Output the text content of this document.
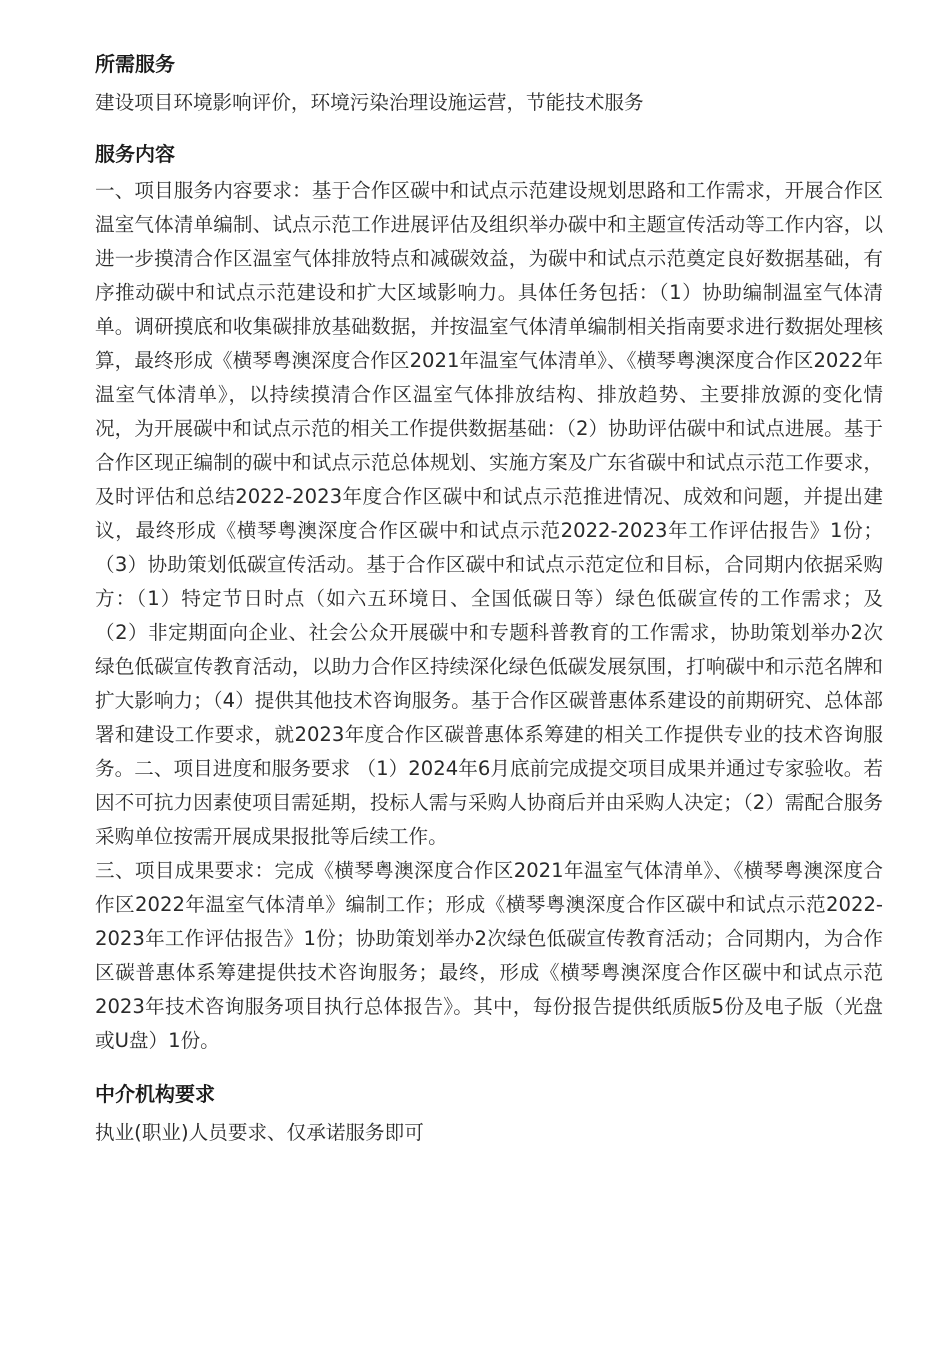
所需服务

建设项目环境影响评价，环境污染治理设施运营，节能技术服务

服务内容

一、项目服务内容要求：基于合作区碳中和试点示范建设规划思路和工作需求，开展合作区温室气体清单编制、试点示范工作进展评估及组织举办碳中和主题宣传活动等工作内容，以进一步摸清合作区温室气体排放特点和减碳效益，为碳中和试点示范奠定良好数据基础，有序推动碳中和试点示范建设和扩大区域影响力。具体任务包括：（1）协助编制温室气体清单。调研摸底和收集碳排放基础数据，并按温室气体清单编制相关指南要求进行数据处理核算，最终形成《横琴粤澳深度合作区2021年温室气体清单》、《横琴粤澳深度合作区2022年温室气体清单》，以持续摸清合作区温室气体排放结构、排放趋势、主要排放源的变化情况，为开展碳中和试点示范的相关工作提供数据基础：（2）协助评估碳中和试点进展。基于合作区现正编制的碳中和试点示范总体规划、实施方案及广东省碳中和试点示范工作要求，及时评估和总结2022-2023年度合作区碳中和试点示范推进情况、成效和问题，并提出建议，最终形成《横琴粤澳深度合作区碳中和试点示范2022-2023年工作评估报告》1份；（3）协助策划低碳宣传活动。基于合作区碳中和试点示范定位和目标，合同期内依据采购方：（1）特定节日时点（如六五环境日、全国低碳日等）绿色低碳宣传的工作需求；及（2）非定期面向企业、社会公众开展碳中和专题科普教育的工作需求，协助策划举办2次绿色低碳宣传教育活动，以助力合作区持续深化绿色低碳发展氛围，打响碳中和示范名牌和扩大影响力；（4）提供其他技术咨询服务。基于合作区碳普惠体系建设的前期研究、总体部署和建设工作要求，就2023年度合作区碳普惠体系筹建的相关工作提供专业的技术咨询服务。二、项目进度和服务要求 （1）2024年6月底前完成提交项目成果并通过专家验收。若因不可抗力因素使项目需延期，投标人需与采购人协商后并由采购人决定；（2）需配合服务采购单位按需开展成果报批等后续工作。
三、项目成果要求：完成《横琴粤澳深度合作区2021年温室气体清单》、《横琴粤澳深度合作区2022年温室气体清单》编制工作；形成《横琴粤澳深度合作区碳中和试点示范2022-2023年工作评估报告》1份；协助策划举办2次绿色低碳宣传教育活动；合同期内，为合作区碳普惠体系筹建提供技术咨询服务；最终，形成《横琴粤澳深度合作区碳中和试点示范2023年技术咨询服务项目执行总体报告》。其中，每份报告提供纸质版5份及电子版（光盘或U盘）1份。

中介机构要求

执业(职业)人员要求、仅承诺服务即可
